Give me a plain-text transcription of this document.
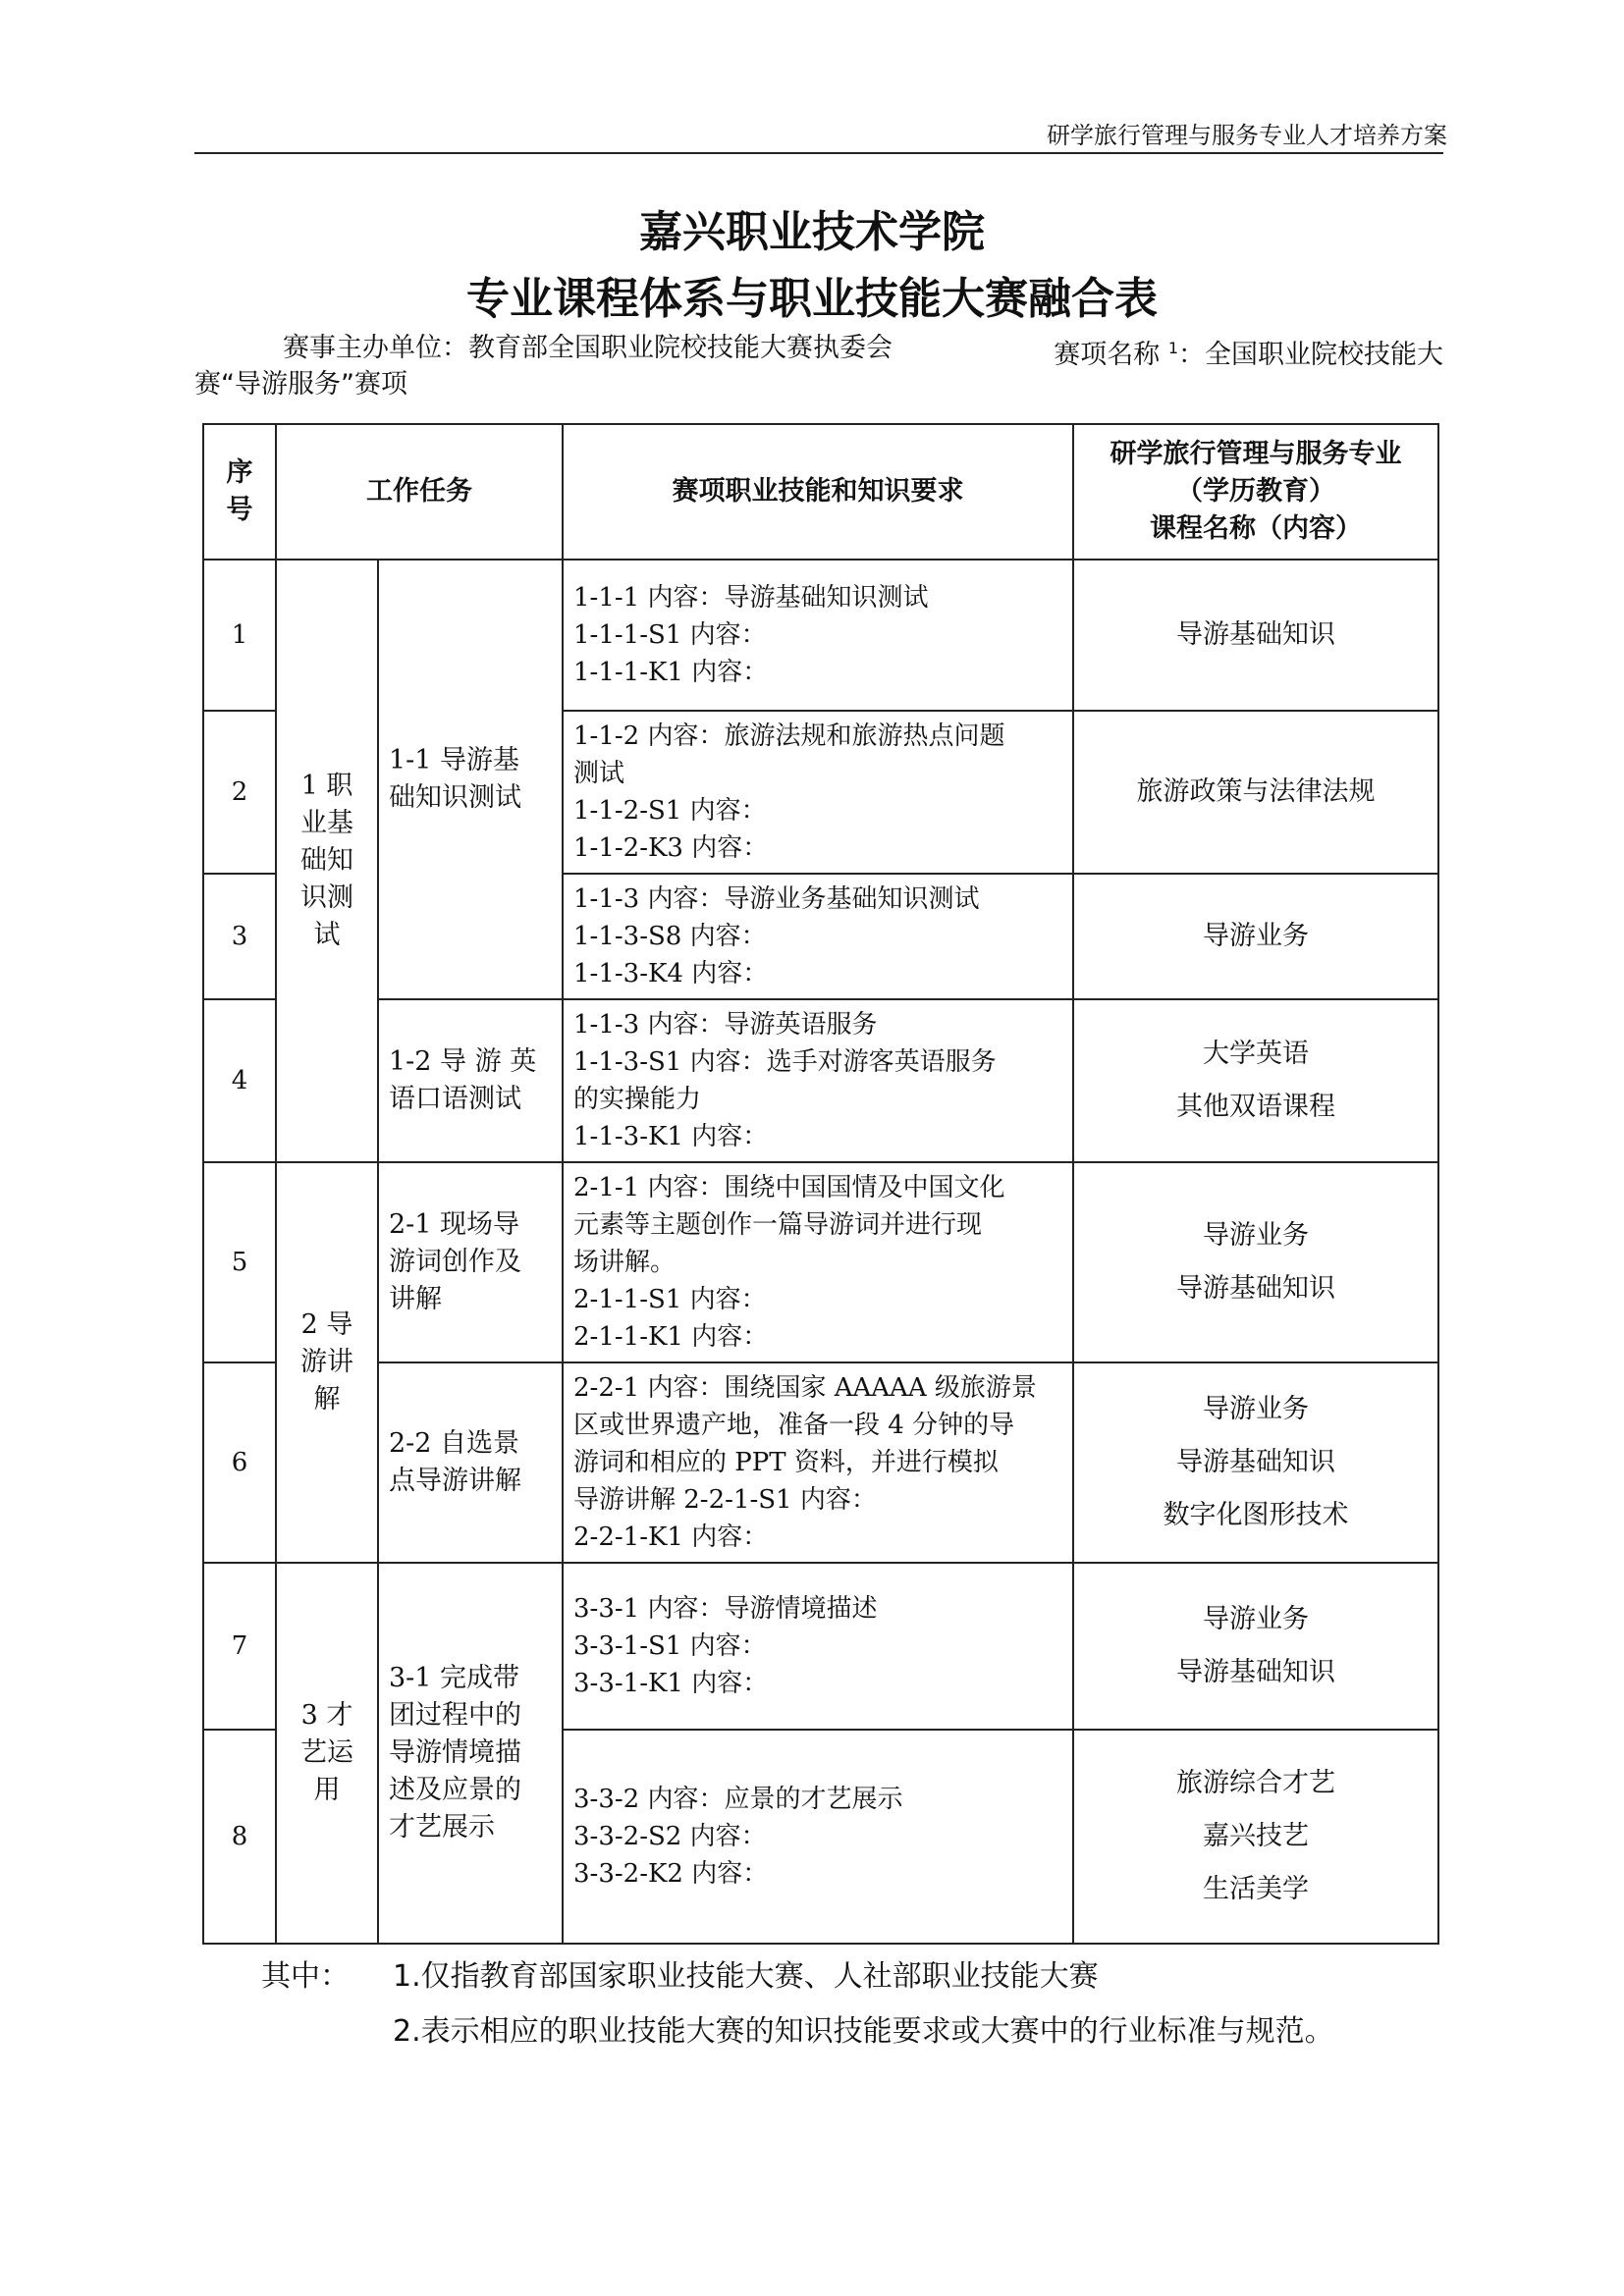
研学旅行管理与服务专业人才培养方案
嘉兴职业技术学院
专业课程体系与职业技能大赛融合表
赛事主办单位：教育部全国职业院校技能大赛执委会	赛项名称 $^1$：全国职业院校技能大
赛“导游服务”赛项
序
号	工作任务		赛项职业技能和知识要求	研学旅行管理与服务专业
（学历教育）
课程名称（内容）

1	1 职
业基
础知
识测
试	1-1 导游基
础知识测试	1-1-1 内容：导游基础知识测试
1-1-1-S1 内容：
1-1-1-K1 内容：	导游基础知识

2			1-1-2 内容：旅游法规和旅游热点问题
测试
1-1-2-S1 内容：
1-1-2-K3 内容：	旅游政策与法律法规

3			1-1-3 内容：导游业务基础知识测试
1-1-3-S8 内容：
1-1-3-K4 内容：	导游业务

4		1-2 导 游 英
语口语测试	1-1-3 内容：导游英语服务
1-1-3-S1 内容：选手对游客英语服务
的实操能力
1-1-3-K1 内容：	大学英语
其他双语课程

5	2 导
游讲
解	2-1 现场导
游词创作及
讲解	2-1-1 内容：围绕中国国情及中国文化
元素等主题创作一篇导游词并进行现
场讲解。
2-1-1-S1 内容：
2-1-1-K1 内容：	导游业务
导游基础知识

6		2-2 自选景
点导游讲解	2-2-1 内容：围绕国家 AAAAA 级旅游景
区或世界遗产地，准备一段 4 分钟的导
游词和相应的 PPT 资料，并进行模拟
导游讲解 2-2-1-S1 内容：
2-2-1-K1 内容：	导游业务
导游基础知识
数字化图形技术

7	3 才
艺运
用	3-1 完成带
团过程中的
导游情境描
述及应景的
才艺展示	3-3-1 内容：导游情境描述
3-3-1-S1 内容：
3-3-1-K1 内容：	导游业务
导游基础知识

8			3-3-2 内容：应景的才艺展示
3-3-2-S2 内容：
3-3-2-K2 内容：	旅游综合才艺
嘉兴技艺
生活美学
其中： 1.仅指教育部国家职业技能大赛、人社部职业技能大赛
2.表示相应的职业技能大赛的知识技能要求或大赛中的行业标准与规范。
